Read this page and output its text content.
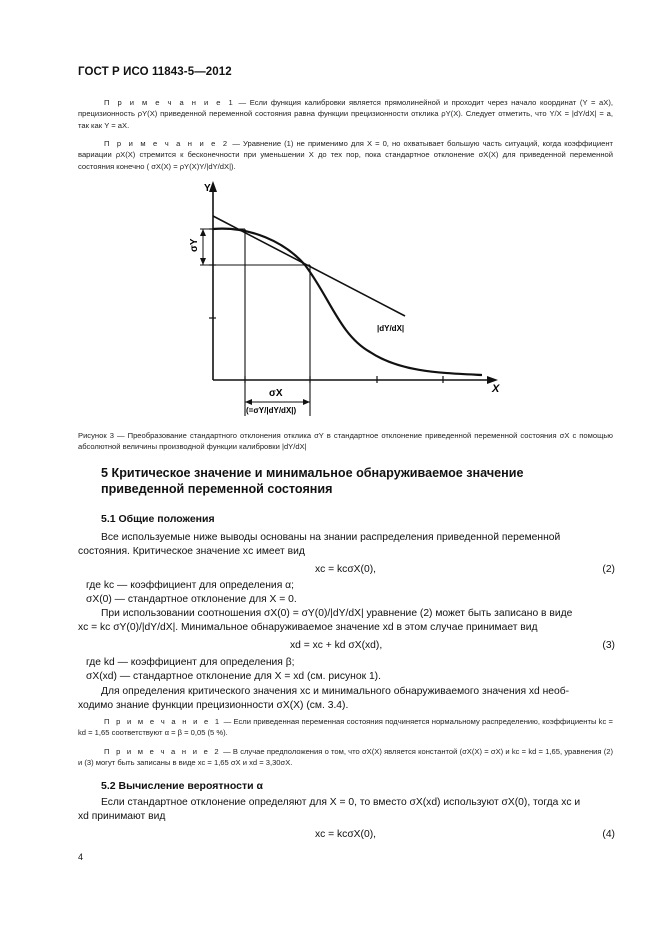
ГОСТ Р ИСО 11843-5—2012
П р и м е ч а н и е 1 — Если функция калибровки является прямолинейной и проходит через начало координат (Y = aX), прецизионность ρY(X) приведенной переменной состояния равна функции прецизионности отклика ρY(X). Следует отметить, что Y/X = |dY/dX| = a, так как Y = aX.
П р и м е ч а н и е 2 — Уравнение (1) не применимо для X = 0, но охватывает большую часть ситуаций, когда коэффициент вариации ρX(X) стремится к бесконечности при уменьшении X до тех пор, пока стандартное отклонение σX(X) для приведенной переменной состояния конечно ( σX(X) = ρY(X)Y/|dY/dX|).
Y
X
σY
σX
(=σY/|dY/dX|)
|dY/dX|
Рисунок 3 — Преобразование стандартного отклонения отклика σY в стандартное отклонение приведенной переменной состояния σX с помощью абсолютной величины производной функции калибровки |dY/dX|
5 Критическое значение и минимальное обнаруживаемое значение
приведенной переменной состояния
5.1 Общие положения
Все используемые ниже выводы основаны на знании распределения приведенной переменной
состояния. Критическое значение xc имеет вид
xc = kcσX(0),	(2)
где kc — коэффициент для определения α;
σX(0) — стандартное отклонение для X = 0.
При использовании соотношения σX(0) = σY(0)/|dY/dX| уравнение (2) может быть записано в виде
xc = kc σY(0)/|dY/dX|. Минимальное обнаруживаемое значение xd в этом случае принимает вид
xd = xc + kd σX(xd),	(3)
где kd — коэффициент для определения β;
σX(xd) — стандартное отклонение для X = xd (см. рисунок 1).
Для определения критического значения xc и минимального обнаруживаемого значения xd необ-
ходимо знание функции прецизионности σX(X) (см. 3.4).
П р и м е ч а н и е 1 — Если приведенная переменная состояния подчиняется нормальному распределению, коэффициенты kc = kd = 1,65 соответствуют α = β = 0,05 (5 %).
П р и м е ч а н и е 2 — В случае предположения о том, что σX(X) является константой (σX(X) = σX) и kc = kd = 1,65, уравнения (2) и (3) могут быть записаны в виде xc = 1,65 σX и xd = 3,30σX.
5.2 Вычисление вероятности α
Если стандартное отклонение определяют для X = 0, то вместо σX(xd) используют σX(0), тогда xc и
xd принимают вид
xc = kcσX(0),	(4)
4
